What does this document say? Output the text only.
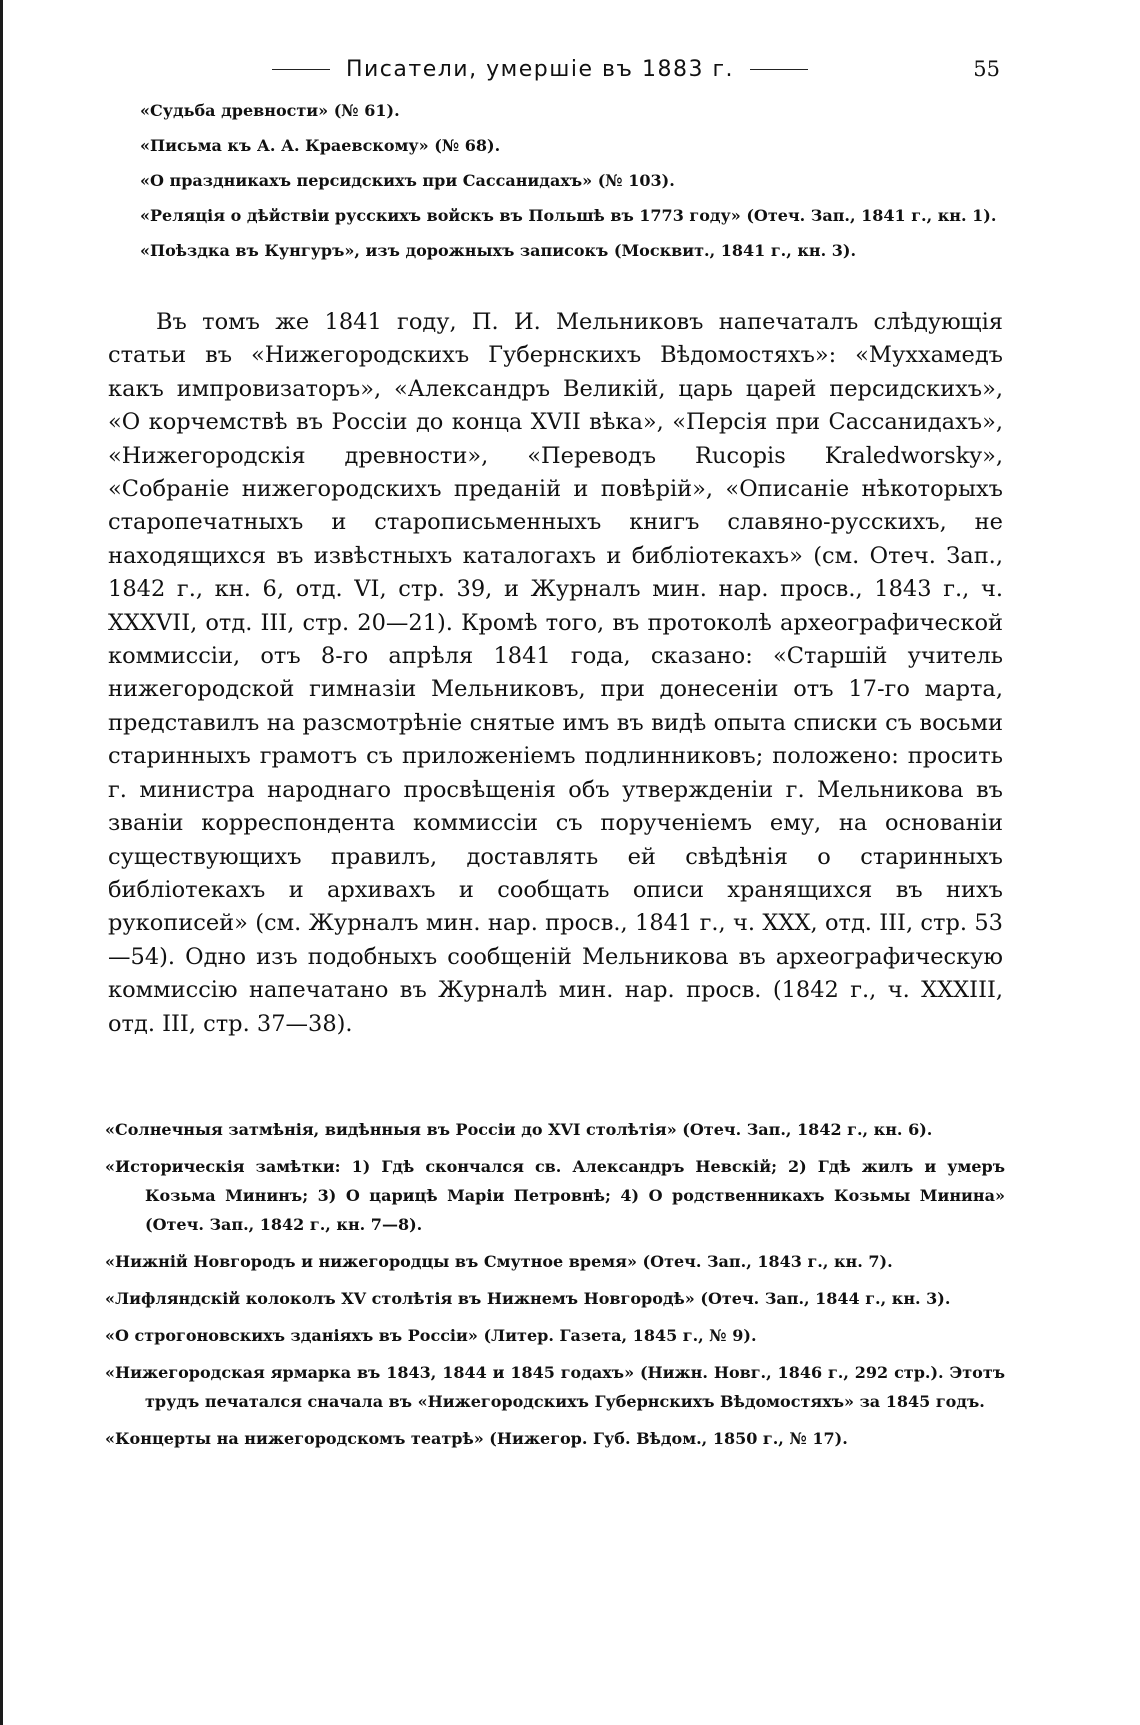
Писатели, умершіе въ 1883 г.	55
«Судьба древности» (№ 61).
«Письма къ А. А. Краевскому» (№ 68).
«О праздникахъ персидскихъ при Сассанидахъ» (№ 103).
«Реляція о дѣйствіи русскихъ войскъ въ Польшѣ въ 1773 году» (Отеч. Зап., 1841 г., кн. 1).
«Поѣздка въ Кунгуръ», изъ дорожныхъ записокъ (Москвит., 1841 г., кн. 3).

Въ томъ же 1841 году, П. И. Мельниковъ напечаталъ слѣдующія статьи въ «Нижегородскихъ Губернскихъ Вѣдомостяхъ»: «Муххамедъ какъ импровизаторъ», «Александръ Великій, царь царей персидскихъ», «О корчемствѣ въ Россіи до конца XVII вѣка», «Персія при Сассанидахъ», «Нижегородскія древности», «Переводъ Rucopis Kraledworsky», «Собраніе нижегородскихъ преданій и повѣрій», «Описаніе нѣкоторыхъ старопечатныхъ и старописьменныхъ книгъ славяно-русскихъ, не находящихся въ извѣстныхъ каталогахъ и библіотекахъ» (см. Отеч. Зап., 1842 г., кн. 6, отд. VI, стр. 39, и Журналъ мин. нар. просв., 1843 г., ч. XXXVII, отд. III, стр. 20—21). Кромѣ того, въ протоколѣ археографической коммиссіи, отъ 8-го апрѣля 1841 года, сказано: «Старшій учитель нижегородской гимназіи Мельниковъ, при донесеніи отъ 17-го марта, представилъ на разсмотрѣніе снятые имъ въ видѣ опыта списки съ восьми старинныхъ грамотъ съ приложеніемъ подлинниковъ; положено: просить г. министра народнаго просвѣщенія объ утвержденіи г. Мельникова въ званіи корреспондента коммиссіи съ порученіемъ ему, на основаніи существующихъ правилъ, доставлять ей свѣдѣнія о старинныхъ библіотекахъ и архивахъ и сообщать описи хранящихся въ нихъ рукописей» (см. Журналъ мин. нар. просв., 1841 г., ч. XXX, отд. III, стр. 53—54). Одно изъ подобныхъ сообщеній Мельникова въ археографическую коммиссію напечатано въ Журналѣ мин. нар. просв. (1842 г., ч. XXXIII, отд. III, стр. 37—38).

«Солнечныя затмѣнія, видѣнныя въ Россіи до XVI столѣтія» (Отеч. Зап., 1842 г., кн. 6).
«Историческія замѣтки: 1) Гдѣ скончался св. Александръ Невскій; 2) Гдѣ жилъ и умеръ Козьма Мининъ; 3) О царицѣ Маріи Петровнѣ; 4) О родственникахъ Козьмы Минина» (Отеч. Зап., 1842 г., кн. 7—8).
«Нижній Новгородъ и нижегородцы въ Смутное время» (Отеч. Зап., 1843 г., кн. 7).
«Лифляндскій колоколъ XV столѣтія въ Нижнемъ Новгородѣ» (Отеч. Зап., 1844 г., кн. 3).
«О строгоновскихъ зданіяхъ въ Россіи» (Литер. Газета, 1845 г., № 9).
«Нижегородская ярмарка въ 1843, 1844 и 1845 годахъ» (Нижн. Новг., 1846 г., 292 стр.). Этотъ трудъ печатался сначала въ «Нижегородскихъ Губернскихъ Вѣдомостяхъ» за 1845 годъ.
«Концерты на нижегородскомъ театрѣ» (Нижегор. Губ. Вѣдом., 1850 г., № 17).
